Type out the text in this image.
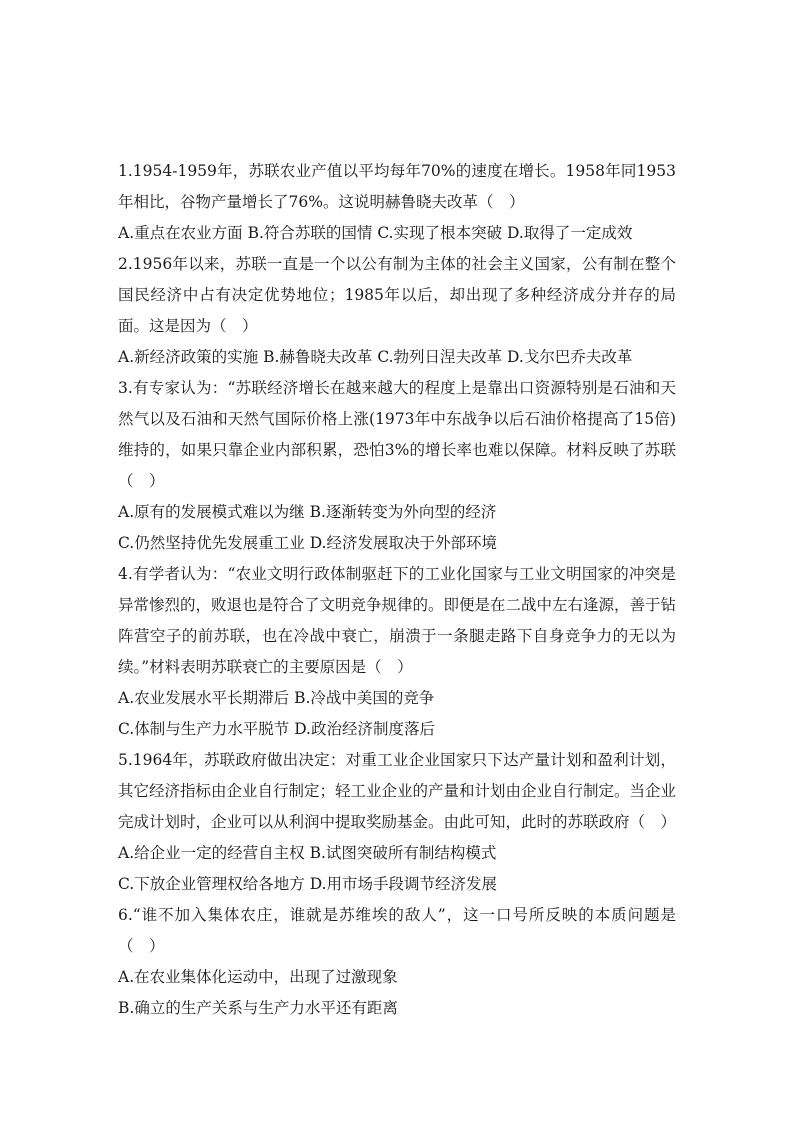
1.1954-1959年，苏联农业产值以平均每年70%的速度在增长。1958年同1953年相比，谷物产量增长了76%。这说明赫鲁晓夫改革（　）

A.重点在农业方面 B.符合苏联的国情 C.实现了根本突破 D.取得了一定成效

2.1956年以来，苏联一直是一个以公有制为主体的社会主义国家，公有制在整个国民经济中占有决定优势地位；1985年以后，却出现了多种经济成分并存的局面。这是因为（　）

A.新经济政策的实施 B.赫鲁晓夫改革 C.勃列日涅夫改革 D.戈尔巴乔夫改革

3.有专家认为：“苏联经济增长在越来越大的程度上是靠出口资源特别是石油和天然气以及石油和天然气国际价格上涨(1973年中东战争以后石油价格提高了15倍)维持的，如果只靠企业内部积累，恐怕3%的增长率也难以保障。材料反映了苏联（　）

A.原有的发展模式难以为继 B.逐渐转变为外向型的经济

C.仍然坚持优先发展重工业 D.经济发展取决于外部环境

4.有学者认为：“农业文明行政体制驱赶下的工业化国家与工业文明国家的冲突是异常惨烈的，败退也是符合了文明竞争规律的。即便是在二战中左右逢源，善于钻阵营空子的前苏联，也在冷战中衰亡，崩溃于一条腿走路下自身竞争力的无以为续。”材料表明苏联衰亡的主要原因是（　）

A.农业发展水平长期滞后 B.冷战中美国的竞争

C.体制与生产力水平脱节 D.政治经济制度落后

5.1964年，苏联政府做出决定：对重工业企业国家只下达产量计划和盈利计划，其它经济指标由企业自行制定；轻工业企业的产量和计划由企业自行制定。当企业完成计划时，企业可以从利润中提取奖励基金。由此可知，此时的苏联政府（　）

A.给企业一定的经营自主权 B.试图突破所有制结构模式

C.下放企业管理权给各地方 D.用市场手段调节经济发展

6.“谁不加入集体农庄，谁就是苏维埃的敌人”，这一口号所反映的本质问题是（　）

A.在农业集体化运动中，出现了过激现象

B.确立的生产关系与生产力水平还有距离
